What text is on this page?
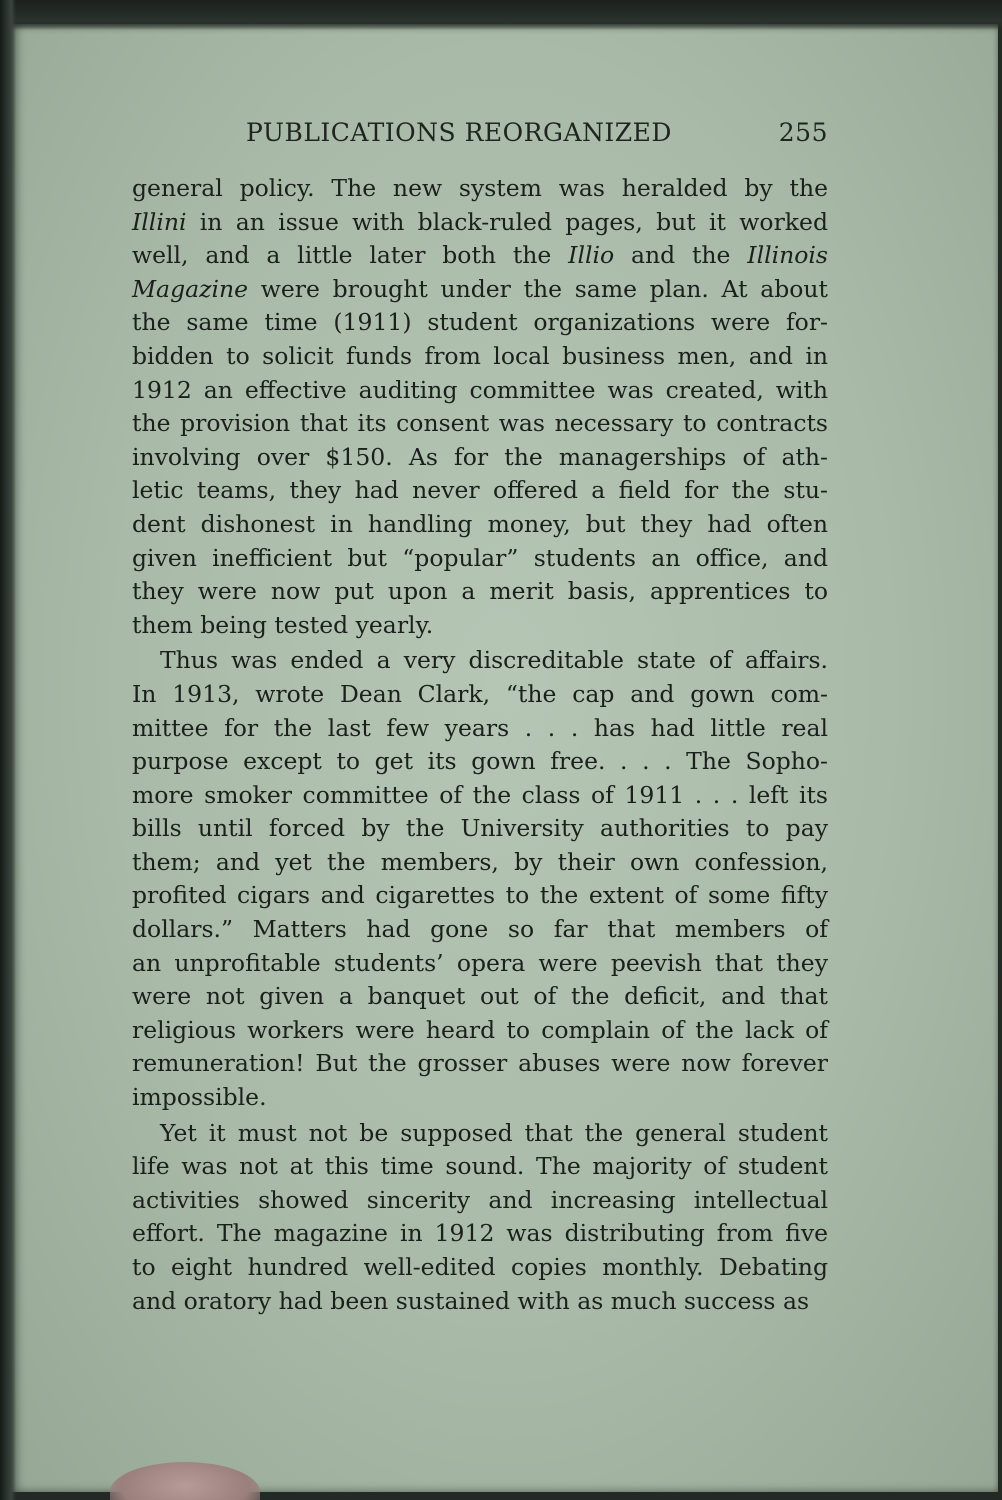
PUBLICATIONS REORGANIZED	255
general policy. The new system was heralded by the
Illini in an issue with black-ruled pages, but it worked
well, and a little later both the Illio and the Illinois
Magazine were brought under the same plan. At about
the same time (1911) student organizations were for-
bidden to solicit funds from local business men, and in
1912 an effective auditing committee was created, with
the provision that its consent was necessary to contracts
involving over $150. As for the managerships of ath-
letic teams, they had never offered a field for the stu-
dent dishonest in handling money, but they had often
given inefficient but “popular” students an office, and
they were now put upon a merit basis, apprentices to
them being tested yearly.
Thus was ended a very discreditable state of affairs.
In 1913, wrote Dean Clark, “the cap and gown com-
mittee for the last few years . . . has had little real
purpose except to get its gown free. . . . The Sopho-
more smoker committee of the class of 1911 . . . left its
bills until forced by the University authorities to pay
them; and yet the members, by their own confession,
profited cigars and cigarettes to the extent of some fifty
dollars.” Matters had gone so far that members of
an unprofitable students’ opera were peevish that they
were not given a banquet out of the deficit, and that
religious workers were heard to complain of the lack of
remuneration! But the grosser abuses were now forever
impossible.
Yet it must not be supposed that the general student
life was not at this time sound. The majority of student
activities showed sincerity and increasing intellectual
effort. The magazine in 1912 was distributing from five
to eight hundred well-edited copies monthly. Debating
and oratory had been sustained with as much success as
